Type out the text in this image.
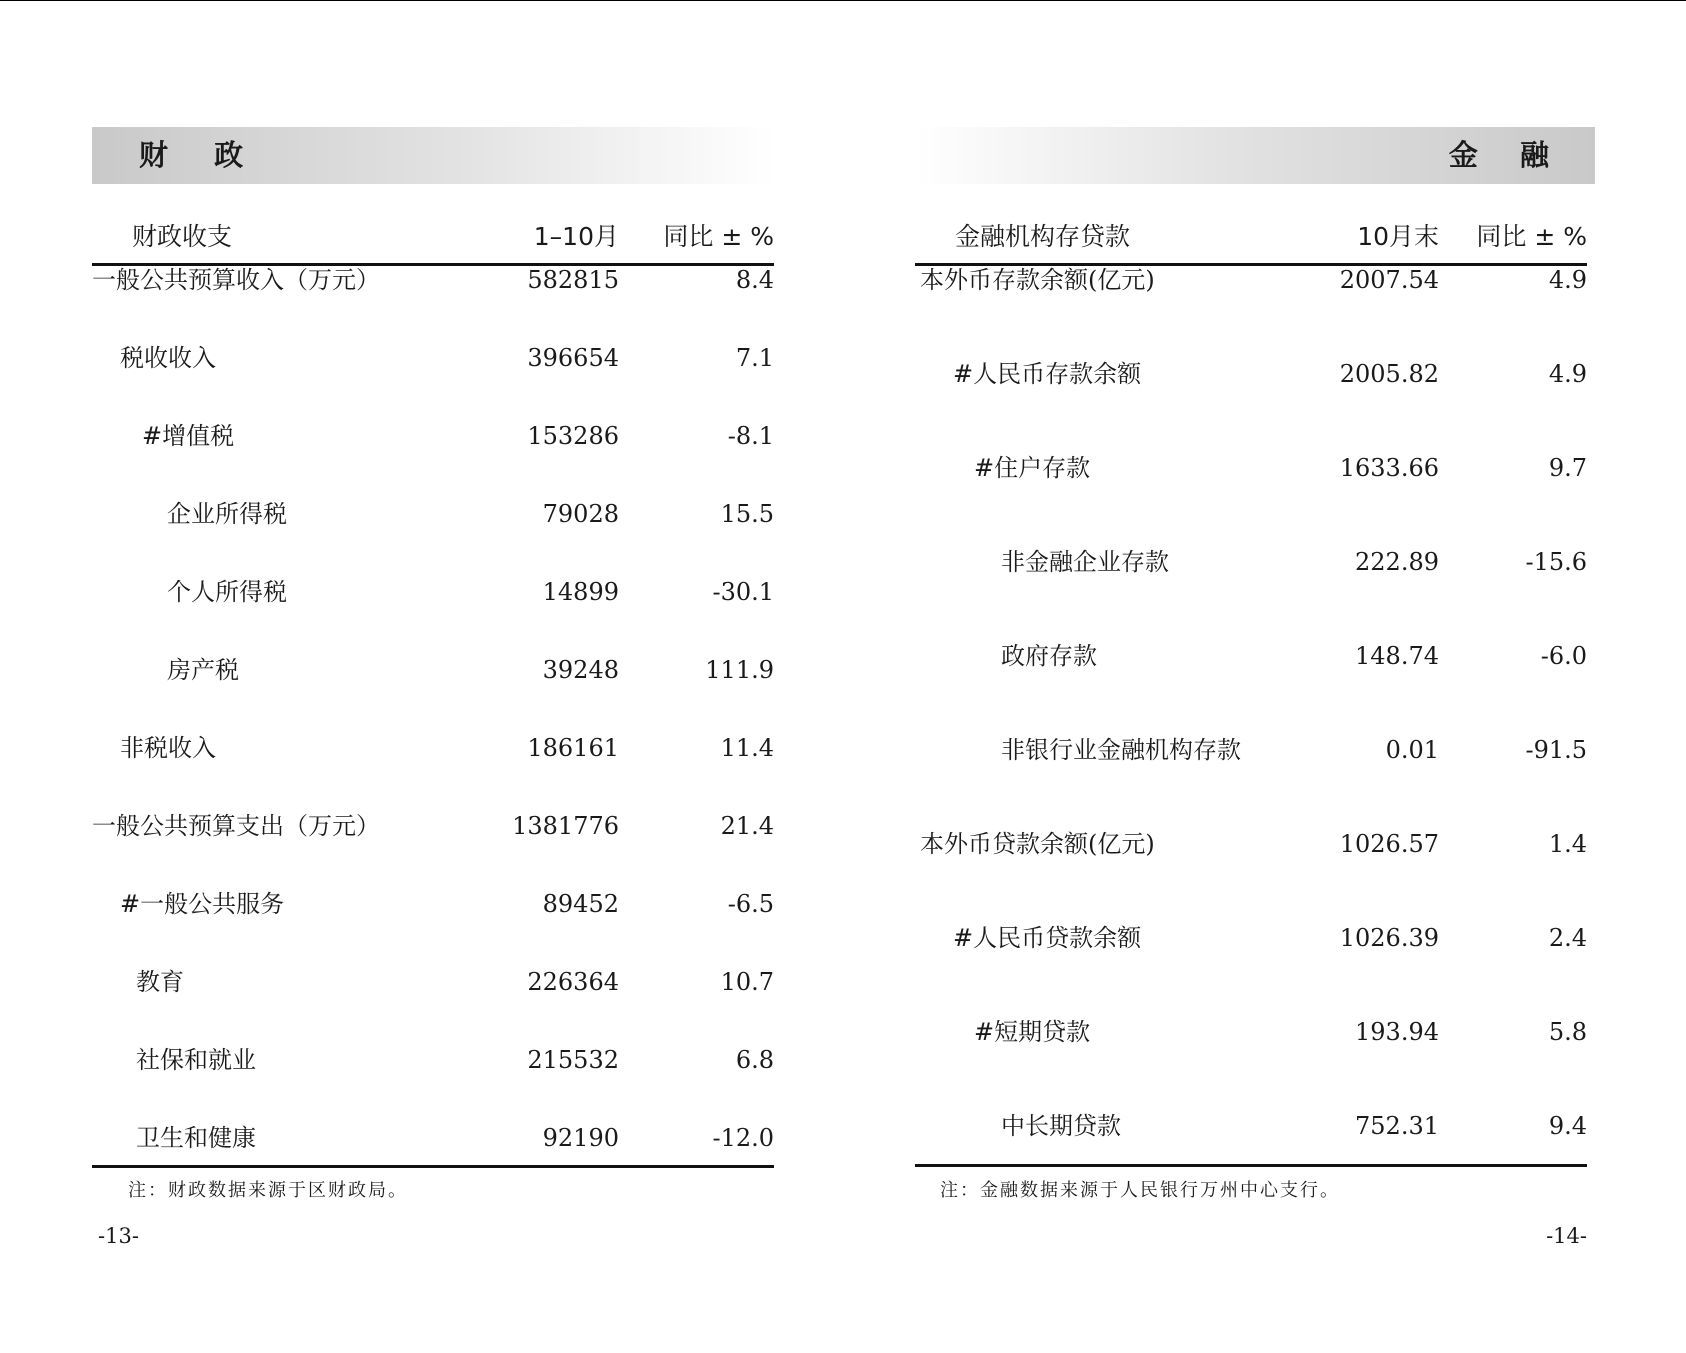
财 政
财政收支	1–10月 同比 ± %
一般公共预算收入（万元）	582815	8.4
税收收入	396654	7.1
#增值税	153286	-8.1
企业所得税	79028	15.5
个人所得税	14899	-30.1
房产税	39248	111.9
非税收入	186161	11.4
一般公共预算支出（万元）	1381776	21.4
#一般公共服务	89452	-6.5
教育	226364	10.7
社保和就业	215532	6.8
卫生和健康	92190	-12.0
注：财政数据来源于区财政局。
-13-
金 融
金融机构存贷款	10月末 同比 ± %
本外币存款余额(亿元)	2007.54	4.9
#人民币存款余额	2005.82	4.9
#住户存款	1633.66	9.7
非金融企业存款	222.89	-15.6
政府存款	148.74	-6.0
非银行业金融机构存款	0.01	-91.5
本外币贷款余额(亿元)	1026.57	1.4
#人民币贷款余额	1026.39	2.4
#短期贷款	193.94	5.8
中长期贷款	752.31	9.4
注：金融数据来源于人民银行万州中心支行。
-14-
